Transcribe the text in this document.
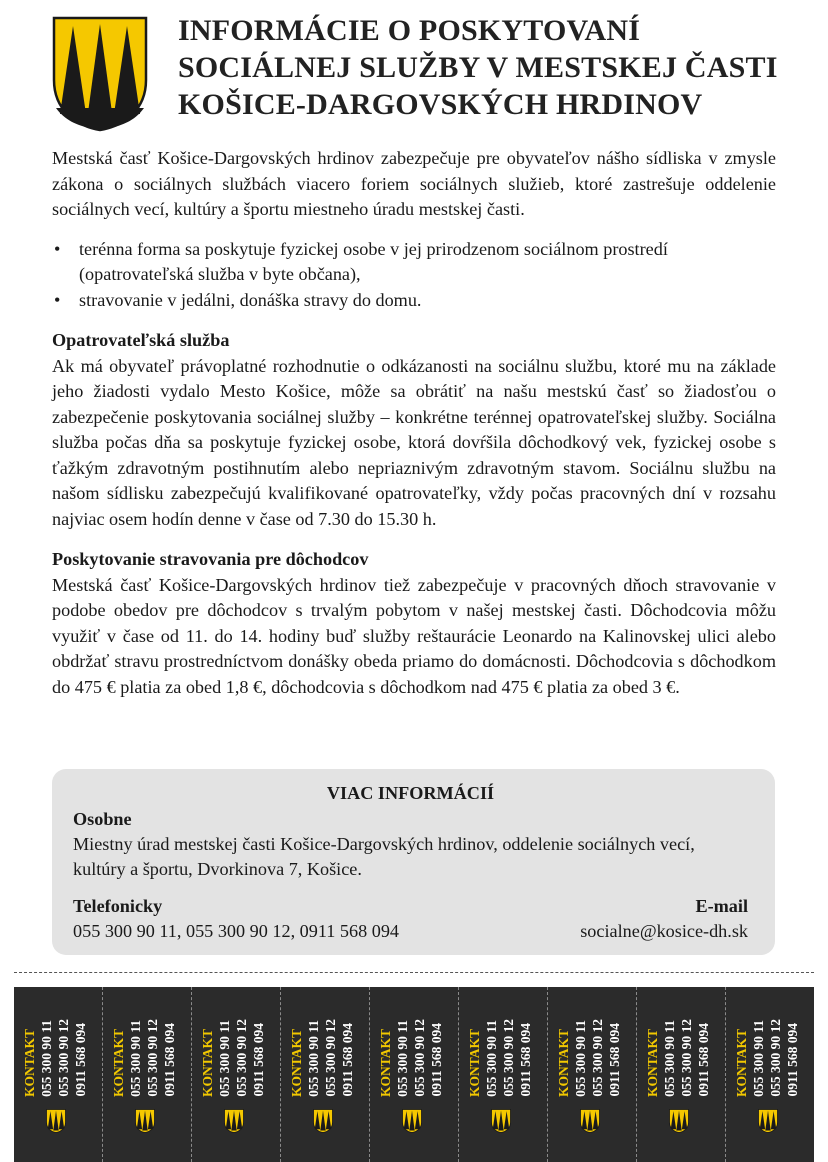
INFORMÁCIE O POSKYTOVANÍ
SOCIÁLNEJ SLUŽBY V MESTSKEJ ČASTI
KOŠICE-DARGOVSKÝCH HRDINOV

Mestská časť Košice-Dargovských hrdinov zabezpečuje pre obyvateľov nášho sídliska v zmysle zákona o sociálnych službách viacero foriem sociálnych služieb, ktoré zastrešuje oddelenie sociálnych vecí, kultúry a športu miestneho úradu mestskej časti.

• terénna forma sa poskytuje fyzickej osobe v jej prirodzenom sociálnom prostredí (opatrovateľská služba v byte občana),
• stravovanie v jedálni, donáška stravy do domu.
Opatrovateľská služba

Ak má obyvateľ právoplatné rozhodnutie o odkázanosti na sociálnu službu, ktoré mu na základe jeho žiadosti vydalo Mesto Košice, môže sa obrátiť na našu mestskú časť so žiadosťou o zabezpečenie poskytovania sociálnej služby – konkrétne terénnej opatrovateľskej služby. Sociálna služba počas dňa sa poskytuje fyzickej osobe, ktorá dovŕšila dôchodkový vek, fyzickej osobe s ťažkým zdravotným postihnutím alebo nepriaznivým zdravotným stavom. Sociálnu službu na našom sídlisku zabezpečujú kvalifikované opatrovateľky, vždy počas pracovných dní v rozsahu najviac osem hodín denne v čase od 7.30 do 15.30 h.

Poskytovanie stravovania pre dôchodcov

Mestská časť Košice-Dargovských hrdinov tiež zabezpečuje v pracovných dňoch stravovanie v podobe obedov pre dôchodcov s trvalým pobytom v našej mestskej časti. Dôchodcovia môžu využiť v čase od 11. do 14. hodiny buď služby reštaurácie Leonardo na Kalinovskej ulici alebo obdržať stravu prostredníctvom donášky obeda priamo do domácnosti. Dôchodcovia s dôchodkom do 475 € platia za obed 1,8 €, dôchodcovia s dôchodkom nad 475 € platia za obed 3 €.

VIAC INFORMÁCIÍ
Osobne
Miestny úrad mestskej časti Košice-Dargovských hrdinov, oddelenie sociálnych vecí, kultúry a športu, Dvorkinova 7, Košice.
Telefonicky
055 300 90 11, 055 300 90 12, 0911 568 094
E-mail
socialne@kosice-dh.sk
KONTAKT 055 300 90 11 055 300 90 12 0911 568 094 KONTAKT 055 300 90 11 055 300 90 12 0911 568 094 KONTAKT 055 300 90 11 055 300 90 12 0911 568 094 KONTAKT 055 300 90 11 055 300 90 12 0911 568 094 KONTAKT 055 300 90 11 055 300 90 12 0911 568 094 KONTAKT 055 300 90 11 055 300 90 12 0911 568 094 KONTAKT 055 300 90 11 055 300 90 12 0911 568 094 KONTAKT 055 300 90 11 055 300 90 12 0911 568 094 KONTAKT 055 300 90 11 055 300 90 12 0911 568 094
